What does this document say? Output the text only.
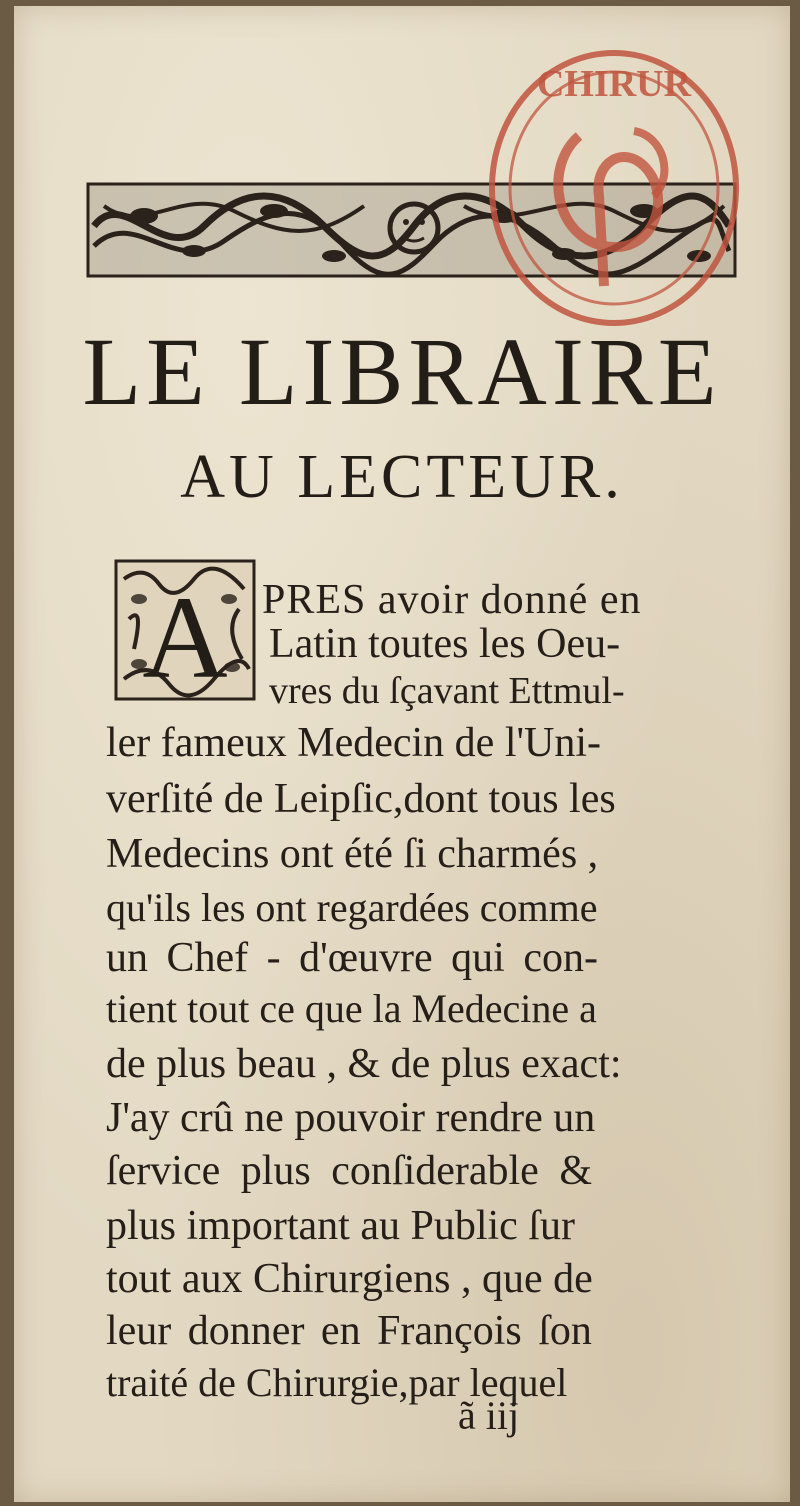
CHIRUR
LE LIBRAIRE
AU LECTEUR.
A PRES avoir donné en
Latin toutes les Oeu-
vres du ſçavant Ettmul-
ler fameux Medecin de l'Uni-
verſité de Leipſic,dont tous les
Medecins ont été ſi charmés ,
qu'ils les ont regardées comme
un Chef - d'œuvre qui con-
tient tout ce que la Medecine a
de plus beau , & de plus exact:
J'ay crû ne pouvoir rendre un
ſervice plus conſiderable &
plus important au Public ſur
tout aux Chirurgiens , que de
leur donner en François ſon
traité de Chirurgie,par lequel
ã iij
